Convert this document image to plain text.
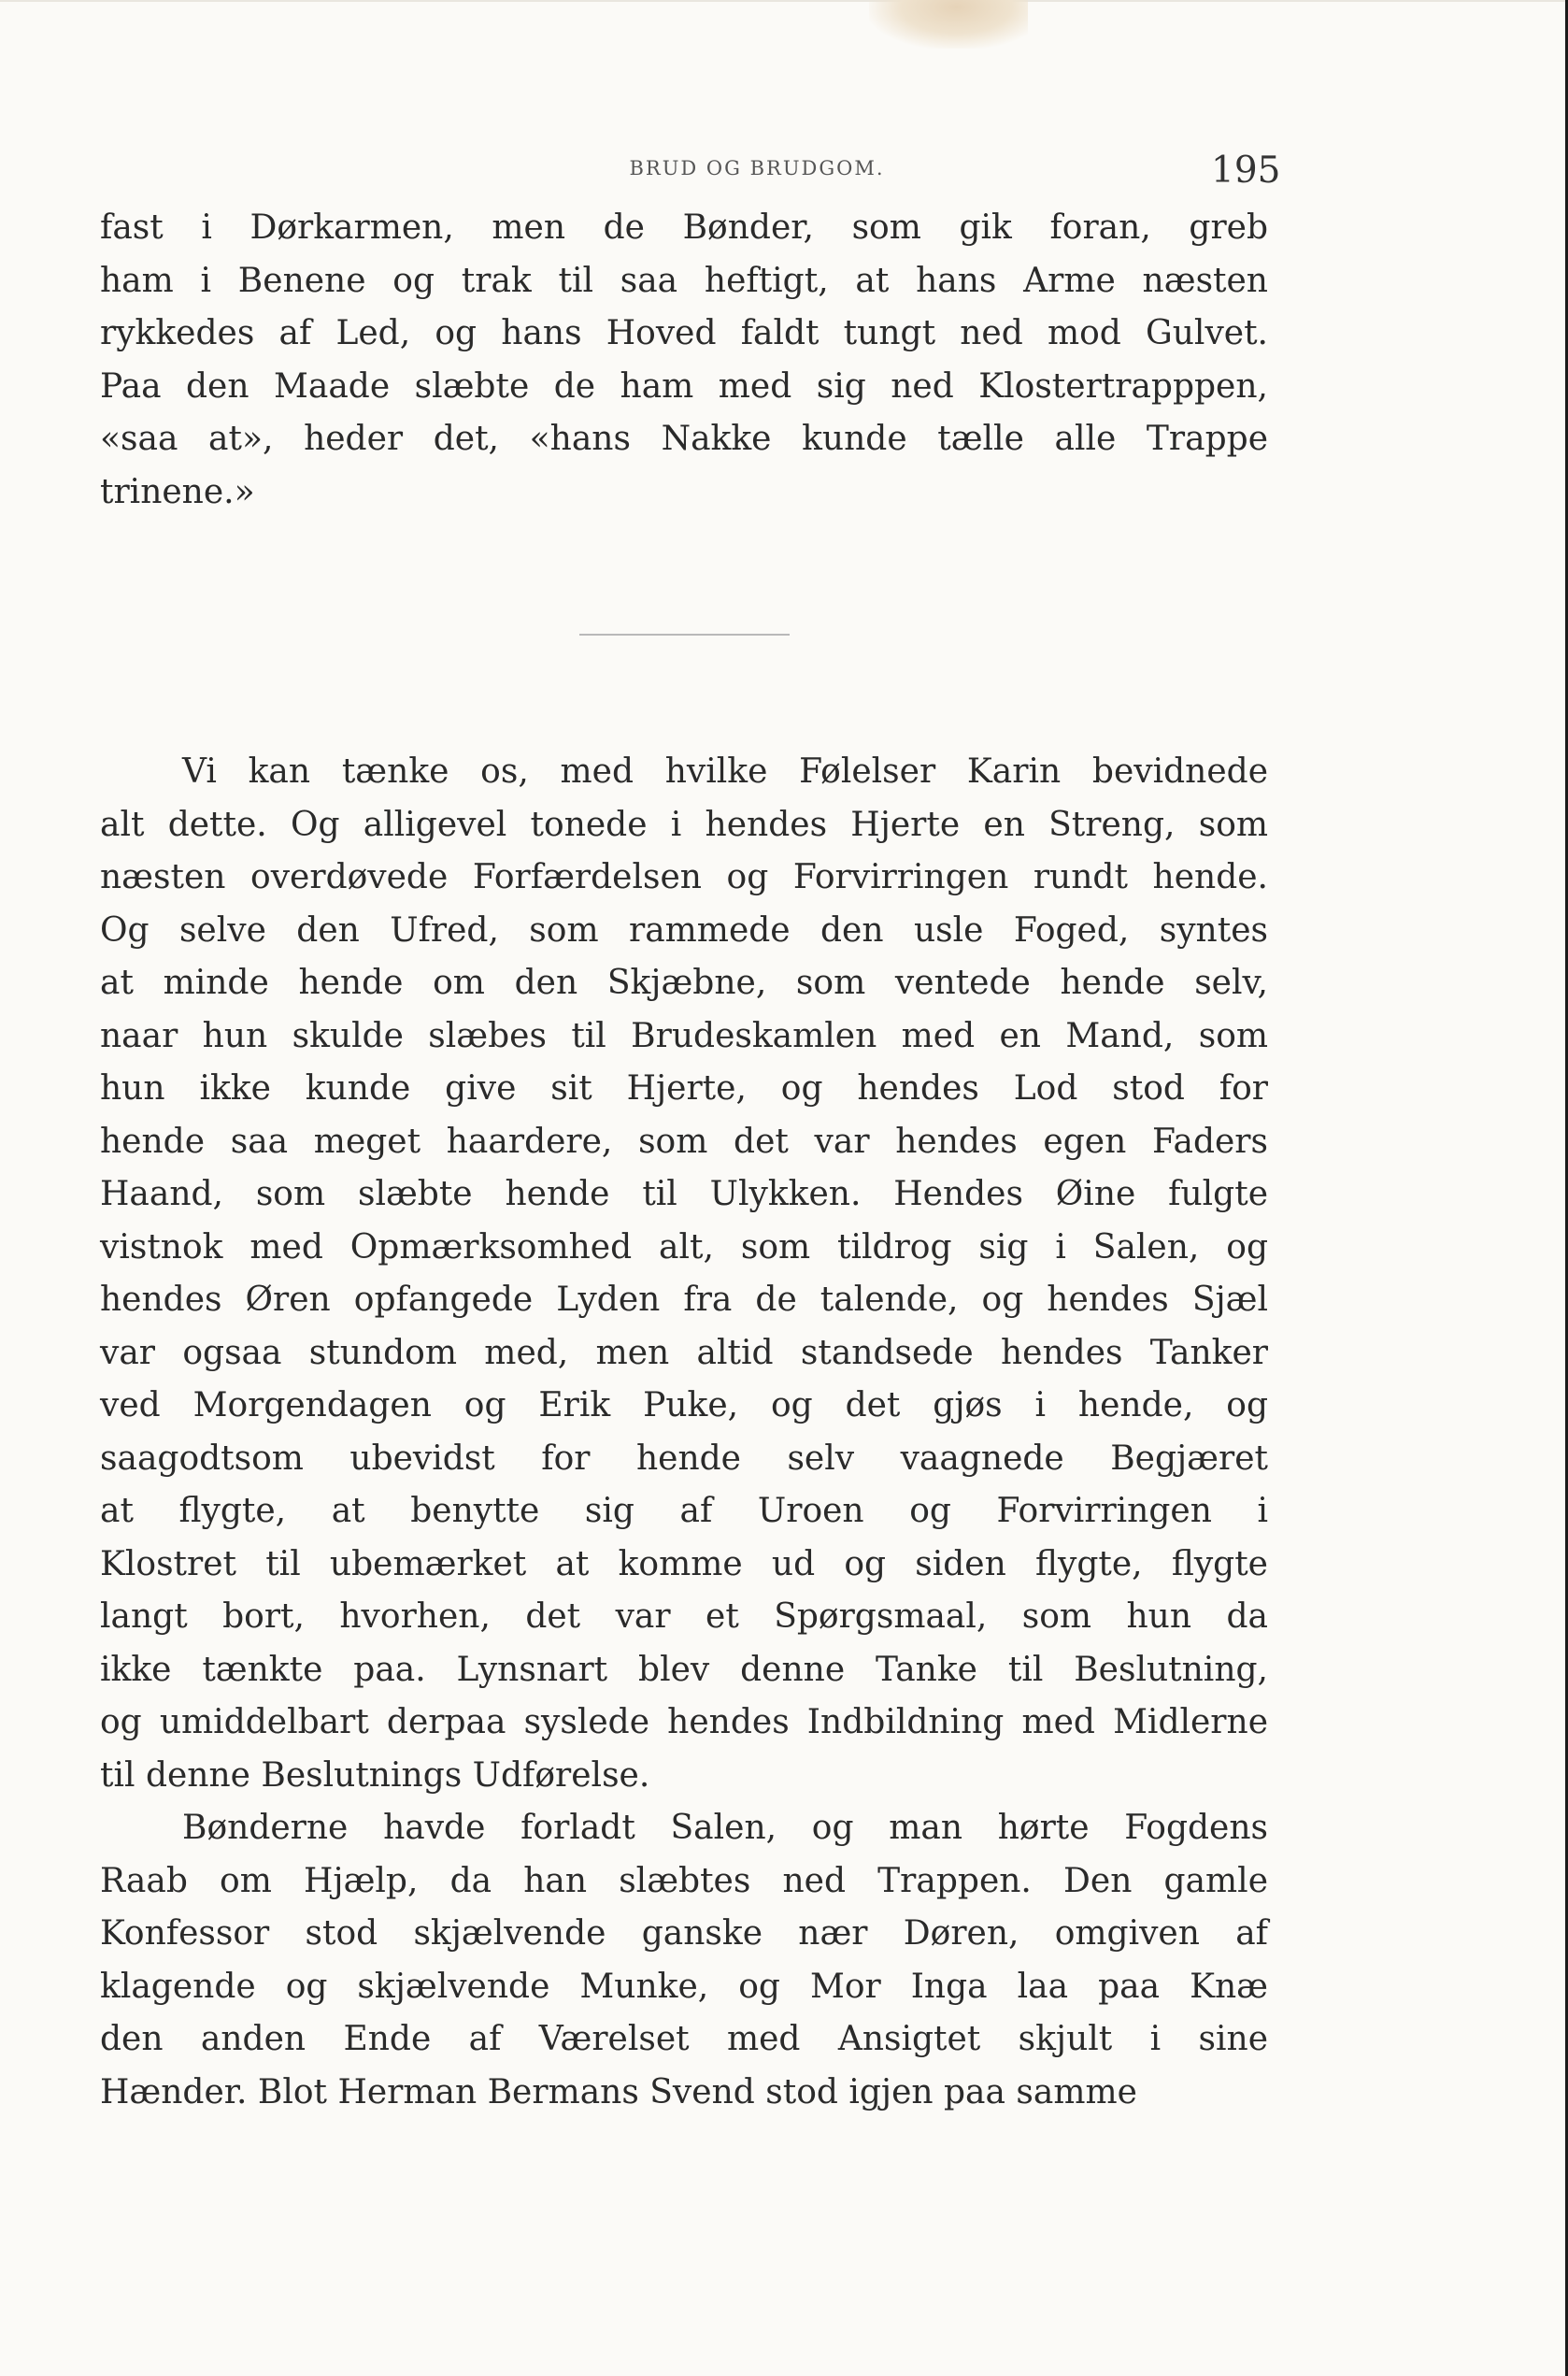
BRUD OG BRUDGOM.	195
fast i Dørkarmen, men de Bønder, som gik foran, greb
ham i Benene og trak til saa heftigt, at hans Arme næsten
rykkedes af Led, og hans Hoved faldt tungt ned mod Gulvet.
Paa den Maade slæbte de ham med sig ned Klostertrapppen,
«saa at», heder det, «hans Nakke kunde tælle alle Trappe
trinene.»
Vi kan tænke os, med hvilke Følelser Karin bevidnede
alt dette. Og alligevel tonede i hendes Hjerte en Streng, som
næsten overdøvede Forfærdelsen og Forvirringen rundt hende.
Og selve den Ufred, som rammede den usle Foged, syntes
at minde hende om den Skjæbne, som ventede hende selv,
naar hun skulde slæbes til Brudeskamlen med en Mand, som
hun ikke kunde give sit Hjerte, og hendes Lod stod for
hende saa meget haardere, som det var hendes egen Faders
Haand, som slæbte hende til Ulykken. Hendes Øine fulgte
vistnok med Opmærksomhed alt, som tildrog sig i Salen, og
hendes Øren opfangede Lyden fra de talende, og hendes Sjæl
var ogsaa stundom med, men altid standsede hendes Tanker
ved Morgendagen og Erik Puke, og det gjøs i hende, og
saagodtsom ubevidst for hende selv vaagnede Begjæret
at flygte, at benytte sig af Uroen og Forvirringen i
Klostret til ubemærket at komme ud og siden flygte, flygte
langt bort, hvorhen, det var et Spørgsmaal, som hun da
ikke tænkte paa. Lynsnart blev denne Tanke til Beslutning,
og umiddelbart derpaa syslede hendes Indbildning med Midlerne
til denne Beslutnings Udførelse.
Bønderne havde forladt Salen, og man hørte Fogdens
Raab om Hjælp, da han slæbtes ned Trappen. Den gamle
Konfessor stod skjælvende ganske nær Døren, omgiven af
klagende og skjælvende Munke, og Mor Inga laa paa Knæ
den anden Ende af Værelset med Ansigtet skjult i sine
Hænder. Blot Herman Bermans Svend stod igjen paa samme
